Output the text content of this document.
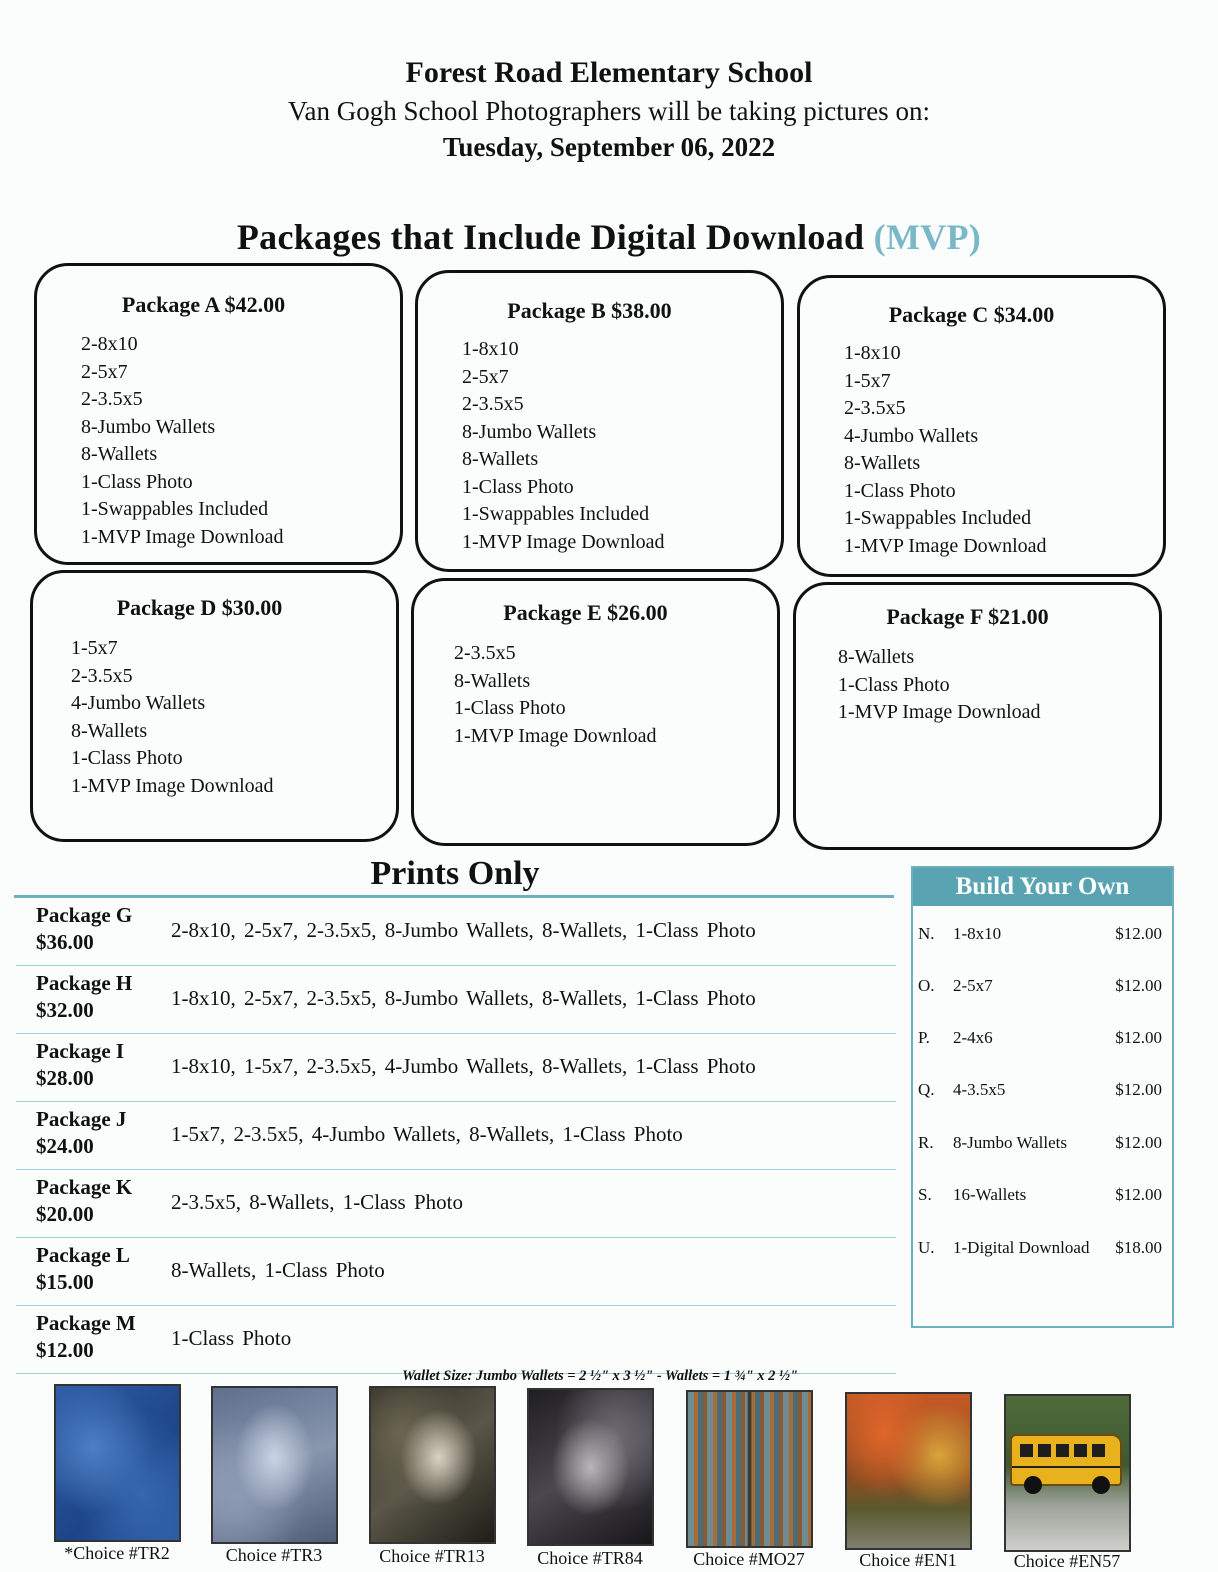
Forest Road Elementary School
Van Gogh School Photographers will be taking pictures on:
Tuesday, September 06, 2022
Packages that Include Digital Download (MVP)
Package A $42.00
2-8x10
2-5x7
2-3.5x5
8-Jumbo Wallets
8-Wallets
1-Class Photo
1-Swappables Included
1-MVP Image Download
Package B $38.00
1-8x10
2-5x7
2-3.5x5
8-Jumbo Wallets
8-Wallets
1-Class Photo
1-Swappables Included
1-MVP Image Download
Package C $34.00
1-8x10
1-5x7
2-3.5x5
4-Jumbo Wallets
8-Wallets
1-Class Photo
1-Swappables Included
1-MVP Image Download
Package D $30.00
1-5x7
2-3.5x5
4-Jumbo Wallets
8-Wallets
1-Class Photo
1-MVP Image Download
Package E $26.00
2-3.5x5
8-Wallets
1-Class Photo
1-MVP Image Download
Package F $21.00
8-Wallets
1-Class Photo
1-MVP Image Download
Prints Only
Package G
$36.00	2-8x10, 2-5x7, 2-3.5x5, 8-Jumbo Wallets, 8-Wallets, 1-Class Photo
Package H
$32.00	1-8x10, 2-5x7, 2-3.5x5, 8-Jumbo Wallets, 8-Wallets, 1-Class Photo
Package I
$28.00	1-8x10, 1-5x7, 2-3.5x5, 4-Jumbo Wallets, 8-Wallets, 1-Class Photo
Package J
$24.00	1-5x7, 2-3.5x5, 4-Jumbo Wallets, 8-Wallets, 1-Class Photo
Package K
$20.00	2-3.5x5, 8-Wallets, 1-Class Photo
Package L
$15.00	8-Wallets, 1-Class Photo
Package M
$12.00	1-Class Photo
Build Your Own
N. 1-8x10	$12.00
O. 2-5x7	$12.00
P. 2-4x6	$12.00
Q. 4-3.5x5	$12.00
R. 8-Jumbo Wallets	$12.00
S. 16-Wallets	$12.00
U. 1-Digital Download $18.00
Wallet Size: Jumbo Wallets = 2 ½" x 3 ½" - Wallets = 1 ¾" x 2 ½"
*Choice #TR2	Choice #TR3	Choice #TR13	Choice #TR84	Choice #MO27	Choice #EN1	Choice #EN57
